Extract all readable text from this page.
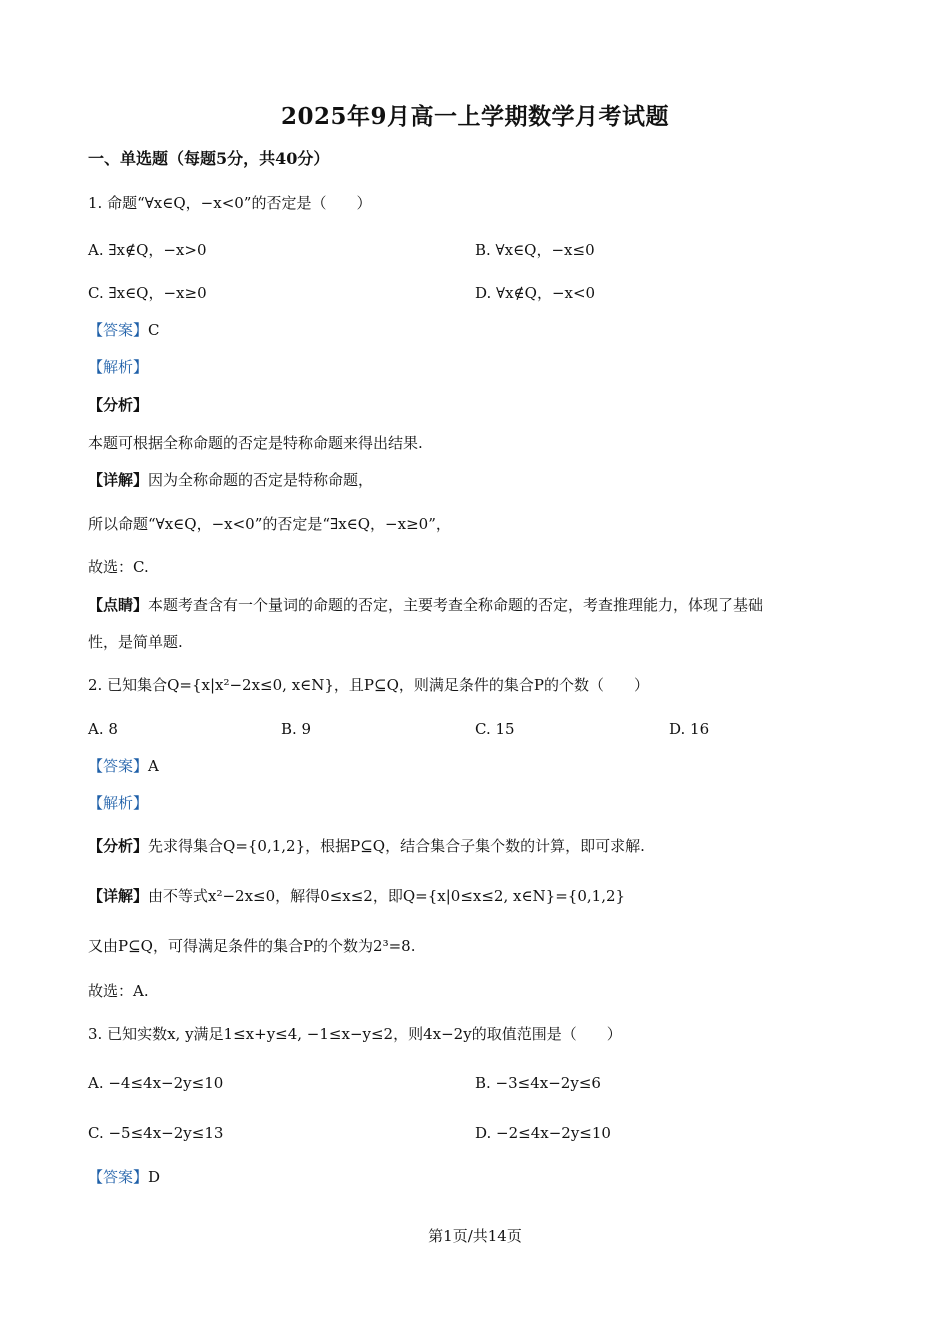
2025年9月高一上学期数学月考试题
一、单选题（每题5分，共40分）
1. 命题“∀x∈Q，−x<0”的否定是（　　）
A. ∃x∉Q，−x>0	B. ∀x∈Q，−x≤0
C. ∃x∈Q，−x≥0	D. ∀x∉Q，−x<0
【答案】C
【解析】
【分析】
本题可根据全称命题的否定是特称命题来得出结果.
【详解】因为全称命题的否定是特称命题，
所以命题“∀x∈Q，−x<0”的否定是“∃x∈Q，−x≥0”，
故选：C.
【点睛】本题考查含有一个量词的命题的否定，主要考查全称命题的否定，考查推理能力，体现了基础
性，是简单题.
2. 已知集合Q={x|x²−2x≤0, x∈N}，且P⊆Q，则满足条件的集合P的个数（　　）
A. 8	B. 9	C. 15	D. 16
【答案】A
【解析】
【分析】先求得集合Q={0,1,2}，根据P⊆Q，结合集合子集个数的计算，即可求解.
【详解】由不等式x²−2x≤0，解得0≤x≤2，即Q={x|0≤x≤2, x∈N}={0,1,2}
又由P⊆Q，可得满足条件的集合P的个数为2³=8.
故选：A.
3. 已知实数x, y满足1≤x+y≤4, −1≤x−y≤2，则4x−2y的取值范围是（　　）
A. −4≤4x−2y≤10	B. −3≤4x−2y≤6
C. −5≤4x−2y≤13	D. −2≤4x−2y≤10
【答案】D
第1页/共14页
